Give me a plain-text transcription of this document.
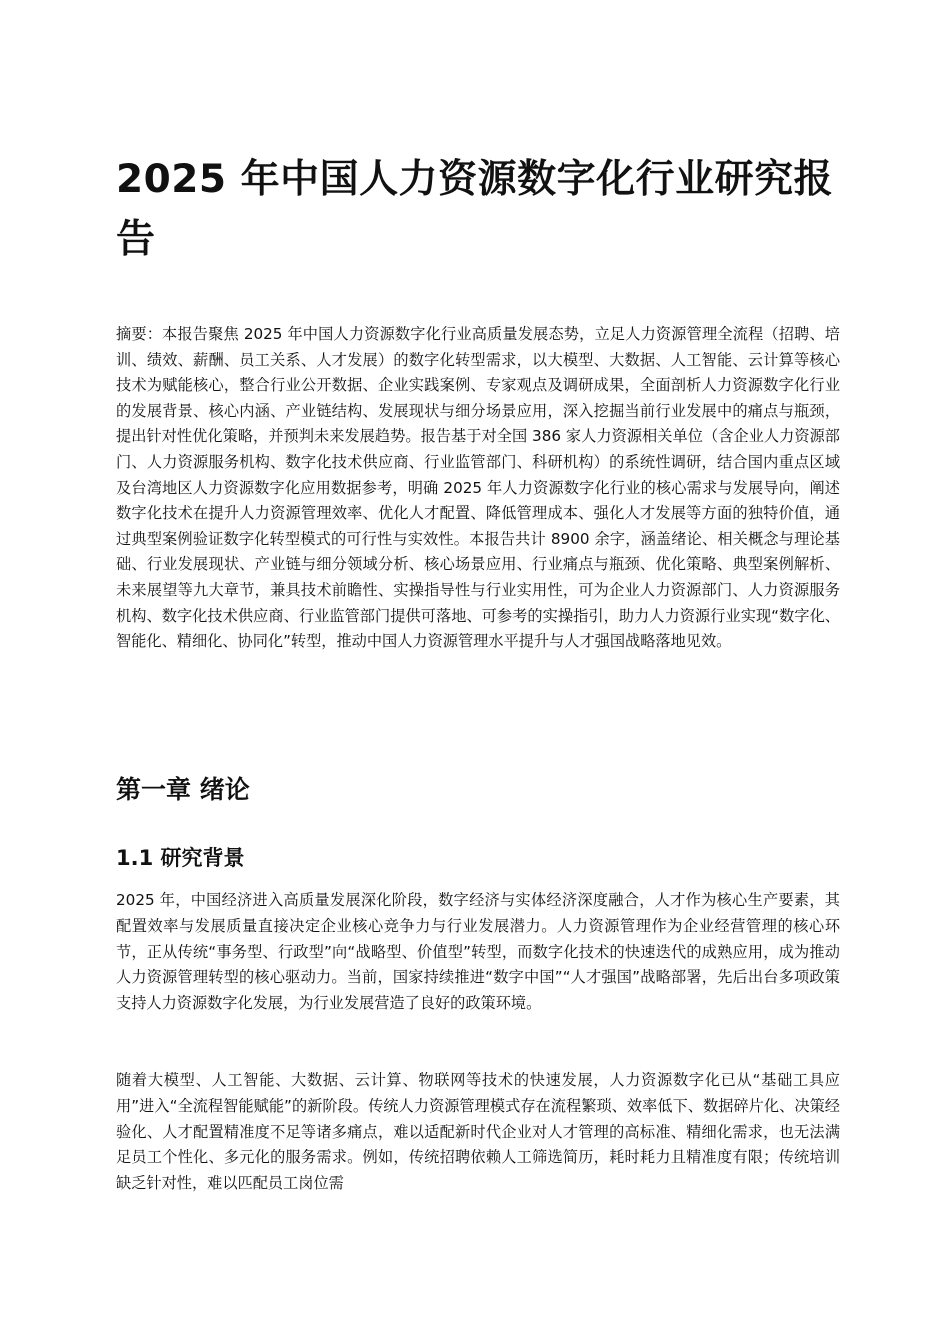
2025 年中国人力资源数字化行业研究报告

摘要：本报告聚焦 2025 年中国人力资源数字化行业高质量发展态势，立足人力资源管理全流程（招聘、培训、绩效、薪酬、员工关系、人才发展）的数字化转型需求，以大模型、大数据、人工智能、云计算等核心技术为赋能核心，整合行业公开数据、企业实践案例、专家观点及调研成果，全面剖析人力资源数字化行业的发展背景、核心内涵、产业链结构、发展现状与细分场景应用，深入挖掘当前行业发展中的痛点与瓶颈，提出针对性优化策略，并预判未来发展趋势。报告基于对全国 386 家人力资源相关单位（含企业人力资源部门、人力资源服务机构、数字化技术供应商、行业监管部门、科研机构）的系统性调研，结合国内重点区域及台湾地区人力资源数字化应用数据参考，明确 2025 年人力资源数字化行业的核心需求与发展导向，阐述数字化技术在提升人力资源管理效率、优化人才配置、降低管理成本、强化人才发展等方面的独特价值，通过典型案例验证数字化转型模式的可行性与实效性。本报告共计 8900 余字，涵盖绪论、相关概念与理论基础、行业发展现状、产业链与细分领域分析、核心场景应用、行业痛点与瓶颈、优化策略、典型案例解析、未来展望等九大章节，兼具技术前瞻性、实操指导性与行业实用性，可为企业人力资源部门、人力资源服务机构、数字化技术供应商、行业监管部门提供可落地、可参考的实操指引，助力人力资源行业实现“数字化、智能化、精细化、协同化”转型，推动中国人力资源管理水平提升与人才强国战略落地见效。

第一章 绪论
1.1 研究背景

2025 年，中国经济进入高质量发展深化阶段，数字经济与实体经济深度融合，人才作为核心生产要素，其配置效率与发展质量直接决定企业核心竞争力与行业发展潜力。人力资源管理作为企业经营管理的核心环节，正从传统“事务型、行政型”向“战略型、价值型”转型，而数字化技术的快速迭代的成熟应用，成为推动人力资源管理转型的核心驱动力。当前，国家持续推进“数字中国”“人才强国”战略部署，先后出台多项政策支持人力资源数字化发展，为行业发展营造了良好的政策环境。

随着大模型、人工智能、大数据、云计算、物联网等技术的快速发展，人力资源数字化已从“基础工具应用”进入“全流程智能赋能”的新阶段。传统人力资源管理模式存在流程繁琐、效率低下、数据碎片化、决策经验化、人才配置精准度不足等诸多痛点，难以适配新时代企业对人才管理的高标准、精细化需求，也无法满足员工个性化、多元化的服务需求。例如，传统招聘依赖人工筛选简历，耗时耗力且精准度有限；传统培训缺乏针对性，难以匹配员工岗位需
